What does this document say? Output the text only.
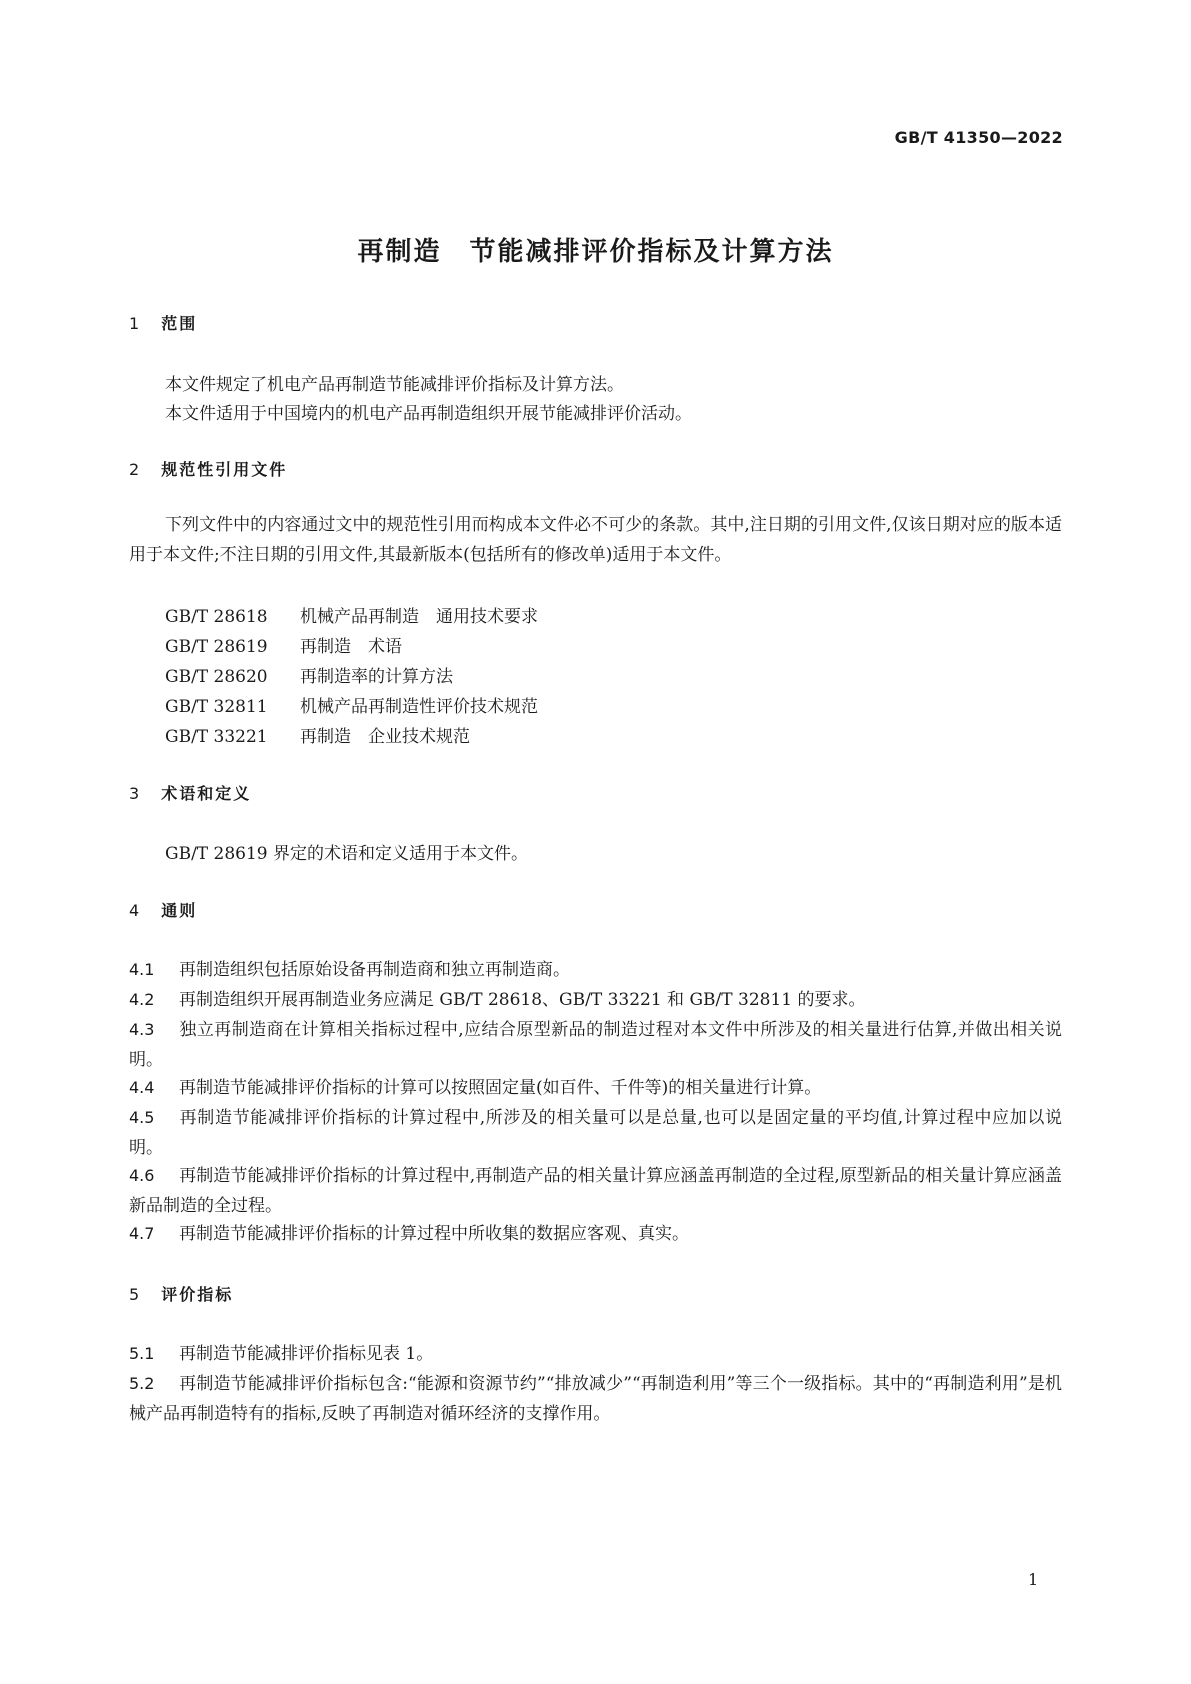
GB/T 41350—2022
再制造　节能减排评价指标及计算方法
1 范围
本文件规定了机电产品再制造节能减排评价指标及计算方法。
本文件适用于中国境内的机电产品再制造组织开展节能减排评价活动。
2 规范性引用文件
下列文件中的内容通过文中的规范性引用而构成本文件必不可少的条款。其中,注日期的引用文件,仅该日期对应的版本适用于本文件;不注日期的引用文件,其最新版本(包括所有的修改单)适用于本文件。
GB/T 28618 机械产品再制造　通用技术要求
GB/T 28619 再制造　术语
GB/T 28620 再制造率的计算方法
GB/T 32811 机械产品再制造性评价技术规范
GB/T 33221 再制造　企业技术规范
3 术语和定义
GB/T 28619 界定的术语和定义适用于本文件。
4 通则
4.1 再制造组织包括原始设备再制造商和独立再制造商。
4.2 再制造组织开展再制造业务应满足 GB/T 28618、GB/T 33221 和 GB/T 32811 的要求。
4.3 独立再制造商在计算相关指标过程中,应结合原型新品的制造过程对本文件中所涉及的相关量进行估算,并做出相关说明。
4.4 再制造节能减排评价指标的计算可以按照固定量(如百件、千件等)的相关量进行计算。
4.5 再制造节能减排评价指标的计算过程中,所涉及的相关量可以是总量,也可以是固定量的平均值,计算过程中应加以说明。
4.6 再制造节能减排评价指标的计算过程中,再制造产品的相关量计算应涵盖再制造的全过程,原型新品的相关量计算应涵盖新品制造的全过程。
4.7 再制造节能减排评价指标的计算过程中所收集的数据应客观、真实。
5 评价指标
5.1 再制造节能减排评价指标见表 1。
5.2 再制造节能减排评价指标包含:“能源和资源节约”“排放减少”“再制造利用”等三个一级指标。其中的“再制造利用”是机械产品再制造特有的指标,反映了再制造对循环经济的支撑作用。
1
